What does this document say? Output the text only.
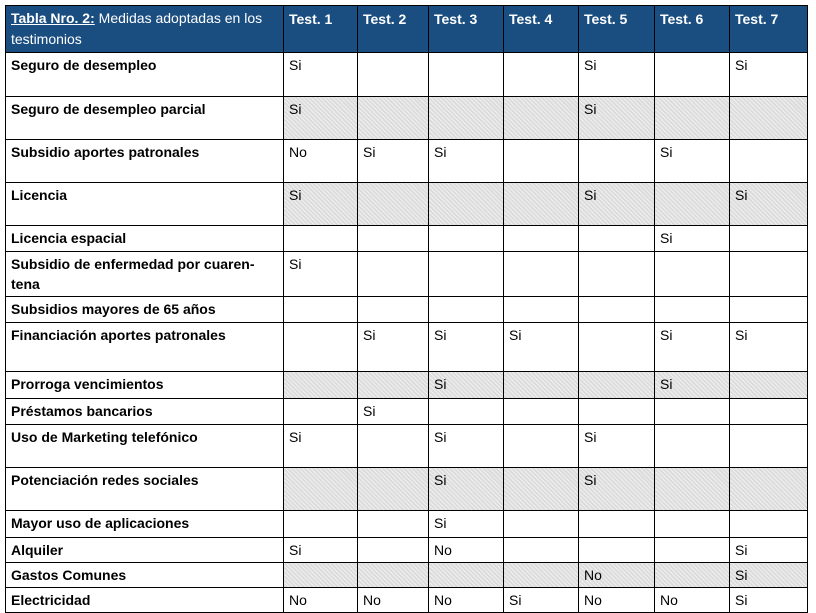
Tabla Nro. 2: Medidas adoptadas en los testimonios	Test. 1	Test. 2	Test. 3	Test. 4	Test. 5	Test. 6	Test. 7
Seguro de desempleo	Si				Si		Si
Seguro de desempleo parcial	Si				Si		
Subsidio aportes patronales	No	Si	Si			Si	
Licencia	Si				Si		Si
Licencia espacial						Si	
Subsidio de enfermedad por cuaren-tena	Si						
Subsidios mayores de 65 años							
Financiación aportes patronales		Si	Si	Si		Si	Si
Prorroga vencimientos			Si			Si	
Préstamos bancarios		Si					
Uso de Marketing telefónico	Si		Si		Si		
Potenciación redes sociales			Si		Si		
Mayor uso de aplicaciones			Si				
Alquiler	Si		No				Si
Gastos Comunes					No		Si
Electricidad	No	No	No	Si	No	No	Si
